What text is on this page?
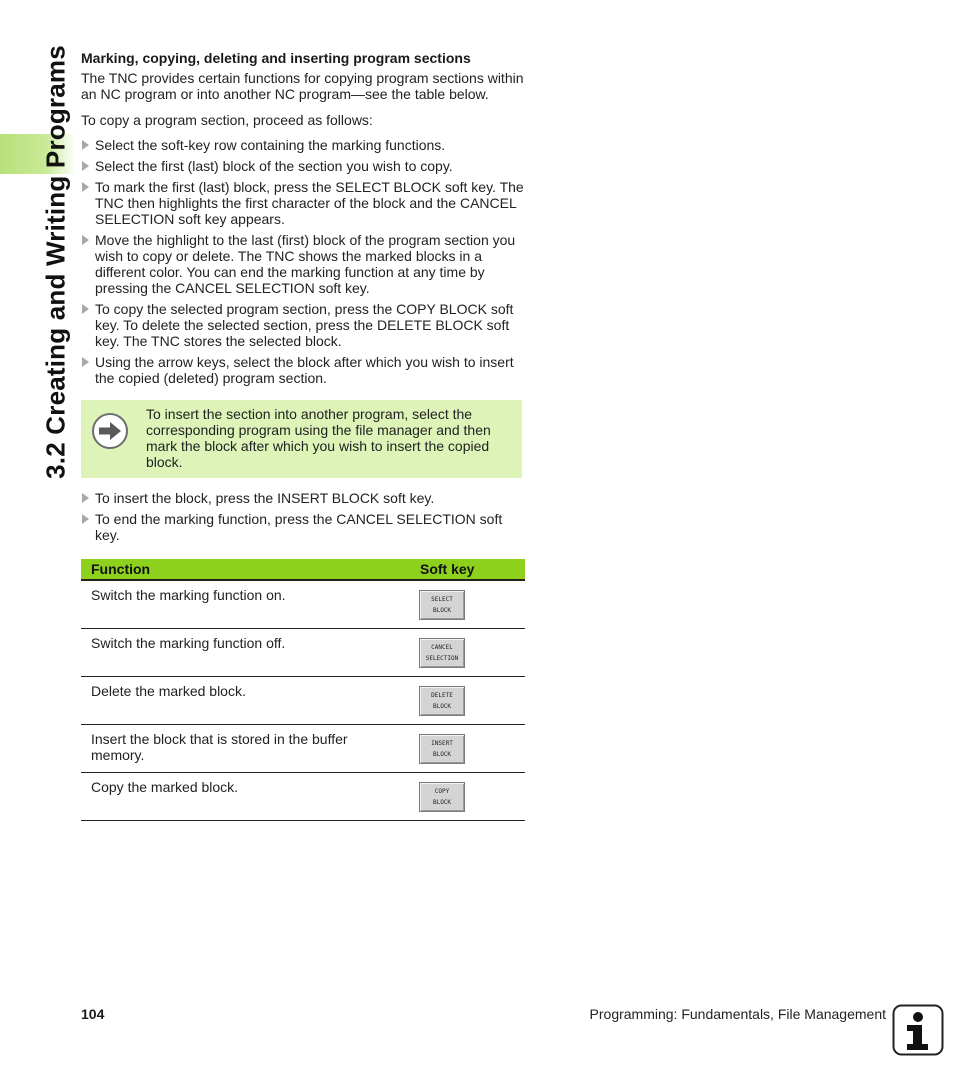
3.2 Creating and Writing Programs Marking, copying, deleting and inserting program sections

The TNC provides certain functions for copying program sections within an NC program or into another NC program—see the table below.

To copy a program section, proceed as follows:

Select the soft-key row containing the marking functions.
Select the first (last) block of the section you wish to copy.
To mark the first (last) block, press the SELECT BLOCK soft key. The TNC then highlights the first character of the block and the CANCEL SELECTION soft key appears.
Move the highlight to the last (first) block of the program section you wish to copy or delete. The TNC shows the marked blocks in a different color. You can end the marking function at any time by pressing the CANCEL SELECTION soft key.
To copy the selected program section, press the COPY BLOCK soft key. To delete the selected section, press the DELETE BLOCK soft key. The TNC stores the selected block.
Using the arrow keys, select the block after which you wish to insert the copied (deleted) program section.

To insert the section into another program, select the corresponding program using the file manager and then mark the block after which you wish to insert the copied block.

To insert the block, press the INSERT BLOCK soft key.
To end the marking function, press the CANCEL SELECTION soft key.
Function	Soft key
Switch the marking function on.	SELECT
BLOCK

Switch the marking function off.	CANCEL
SELECTION

Delete the marked block.	DELETE
BLOCK

Insert the block that is stored in the buffer memory.	INSERT
BLOCK

Copy the marked block.	COPY
BLOCK
104	Programming: Fundamentals, File Management
